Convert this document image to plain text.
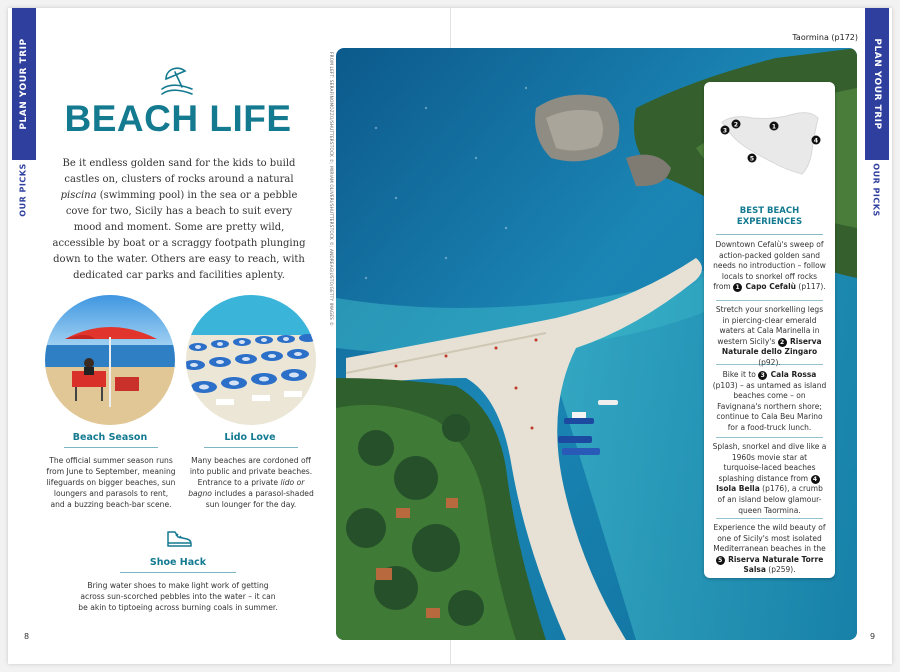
PLAN YOUR TRIP
OUR PICKS
BEACH LIFE

Be it endless golden sand for the kids to build castles on, clusters of rocks around a natural piscina (swimming pool) in the sea or a pebble cove for two, Sicily has a beach to suit every mood and moment. Some are pretty wild, accessible by boat or a scraggy footpath plunging down to the water. Others are easy to reach, with dedicated car parks and facilities aplenty.

Beach Season

The official summer season runs from June to September, meaning lifeguards on bigger beaches, sun loungers and parasols to rent, and a buzzing beach-bar scene.

Lido Love

Many beaches are cordoned off into public and private beaches. Entrance to a private lido or bagno includes a parasol-shaded sun lounger for the day.

Shoe Hack

Bring water shoes to make light work of getting across sun-scorched pebbles into the water – it can be akin to tiptoeing across burning coals in summer.

8
FROM LEFT: SERAFINOMOZZO/SHUTTERSTOCK ©; MIRIAM OLIVERI/SHUTTERSTOCK ©; ANDREAGIUSTO/GETTY IMAGES ©
Taormina (p172)
3
2	1
4
5
BEST BEACH
EXPERIENCES

Downtown Cefalù's sweep of action-packed golden sand needs no introduction – follow locals to snorkel off rocks from 1 Capo Cefalù (p117).

Stretch your snorkelling legs in piercing-clear emerald waters at Cala Marinella in western Sicily's 2 Riserva Naturale dello Zingaro (p92).

Bike it to 3 Cala Rossa (p103) – as untamed as island beaches come – on Favignana's northern shore; continue to Cala Beu Marino for a food-truck lunch.

Splash, snorkel and dive like a 1960s movie star at turquoise-laced beaches splashing distance from 4 Isola Bella (p176), a crumb of an island below glamour-queen Taormina.

Experience the wild beauty of one of Sicily's most isolated Mediterranean beaches in the 5 Riserva Naturale Torre Salsa (p259).

PLAN YOUR TRIP
OUR PICKS
9
